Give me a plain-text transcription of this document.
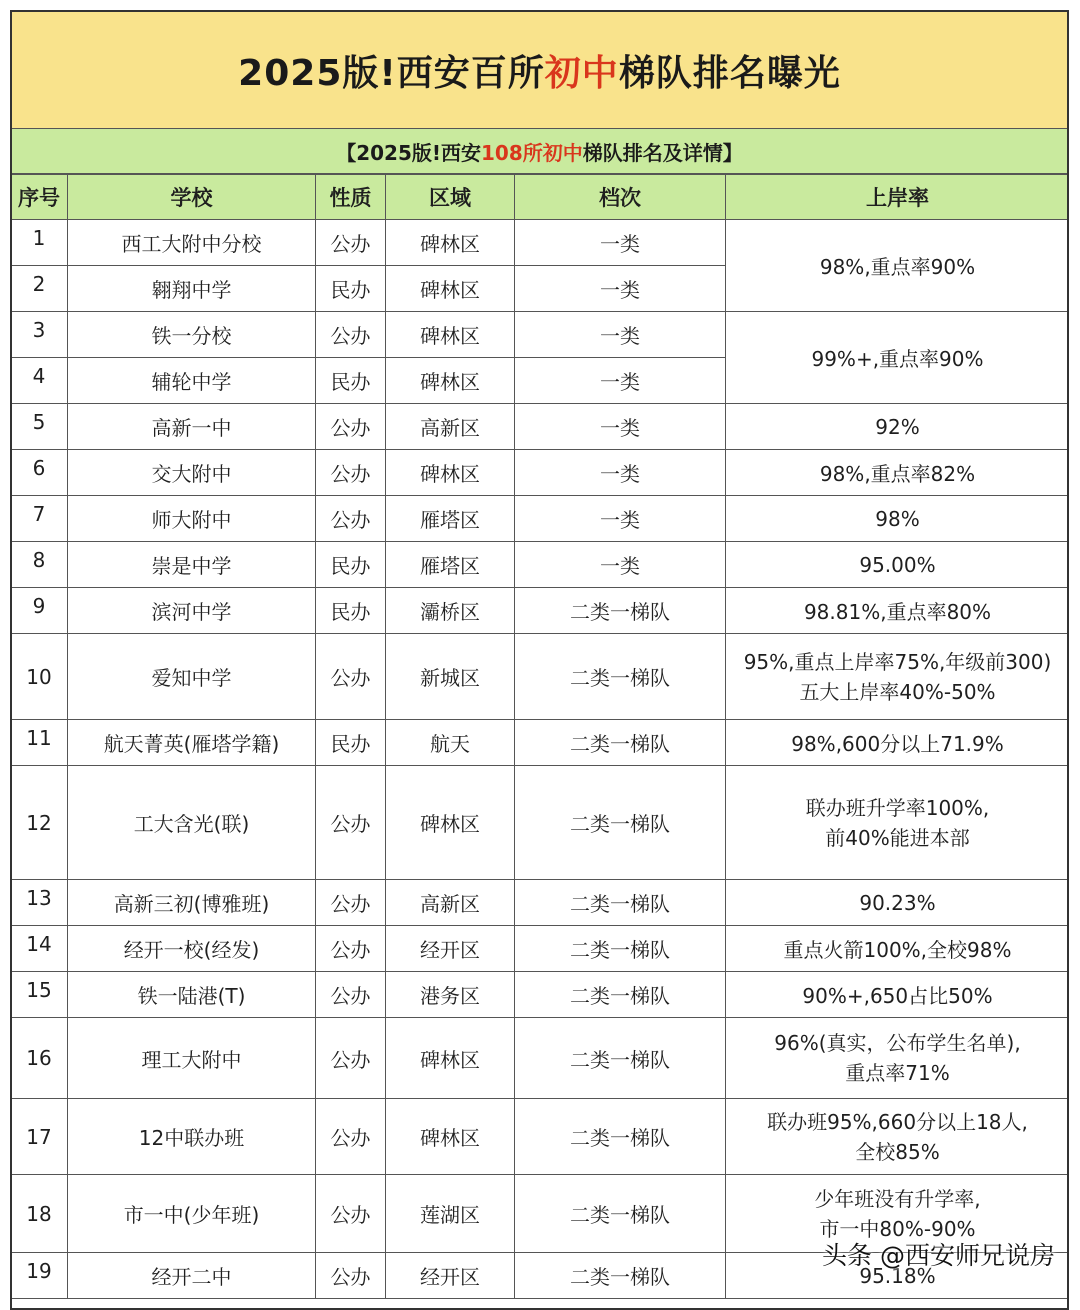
2025版!西安百所 初中 梯队排名曝光
【2025版!西安 108所初中 梯队排名及详情】
序号	学校	性质	区域	档次	上岸率
1	西工大附中分校	公办	碑林区	一类	98%,重点率90%
2	翱翔中学	民办	碑林区	一类	
3	铁一分校	公办	碑林区	一类	99%+,重点率90%
4	辅轮中学	民办	碑林区	一类	
5	高新一中	公办	高新区	一类	92%
6	交大附中	公办	碑林区	一类	98%,重点率82%
7	师大附中	公办	雁塔区	一类	98%
8	崇是中学	民办	雁塔区	一类	95.00%
9	滨河中学	民办	灞桥区	二类一梯队	98.81%,重点率80%
10	爱知中学	公办	新城区	二类一梯队	95%,重点上岸率75%,年级前300)
五大上岸率40%-50%

11	航天菁英(雁塔学籍)	民办	航天	二类一梯队	98%,600分以上71.9%
12	工大含光(联)	公办	碑林区	二类一梯队	联办班升学率100%,
前40%能进本部

13	高新三初(博雅班)	公办	高新区	二类一梯队	90.23%
14	经开一校(经发)	公办	经开区	二类一梯队	重点火箭100%,全校98%
15	铁一陆港(T)	公办	港务区	二类一梯队	90%+,650占比50%
16	理工大附中	公办	碑林区	二类一梯队	96%(真实，公布学生名单),
重点率71%

17	12中联办班	公办	碑林区	二类一梯队	联办班95%,660分以上18人,
全校85%

18	市一中(少年班)	公办	莲湖区	二类一梯队	少年班没有升学率,
市一中80%-90%

19	经开二中	公办	经开区	二类一梯队	95.18%
头条 @西安师兄说房
